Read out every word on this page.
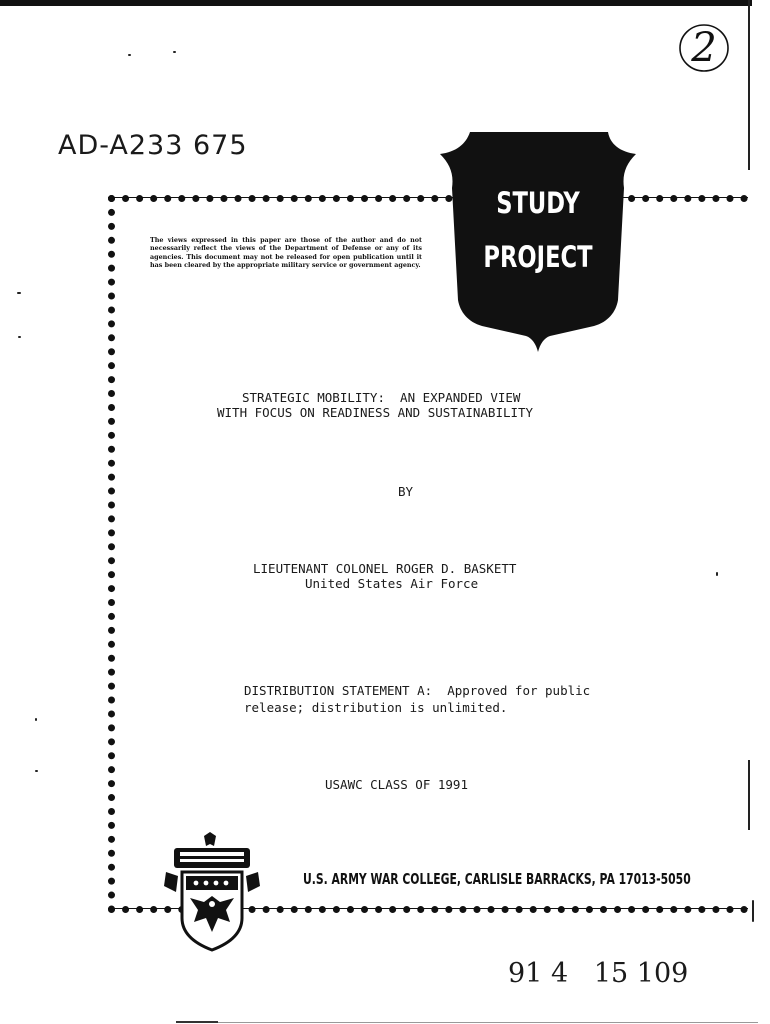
2
AD-A233 675
The views expressed in this paper are those of the author and do not necessarily reflect the views of the Department of Defense or any of its agencies. This document may not be released for open publication until it has been cleared by the appropriate military service or government agency.
STUDY
PROJECT
STRATEGIC MOBILITY:  AN EXPANDED VIEW
WITH FOCUS ON READINESS AND SUSTAINABILITY
BY
LIEUTENANT COLONEL ROGER D. BASKETT
United States Air Force
DISTRIBUTION STATEMENT A:  Approved for public
release; distribution is unlimited.
USAWC CLASS OF 1991
U.S. ARMY WAR COLLEGE, CARLISLE BARRACKS, PA 17013-5050
91 4   15 109
